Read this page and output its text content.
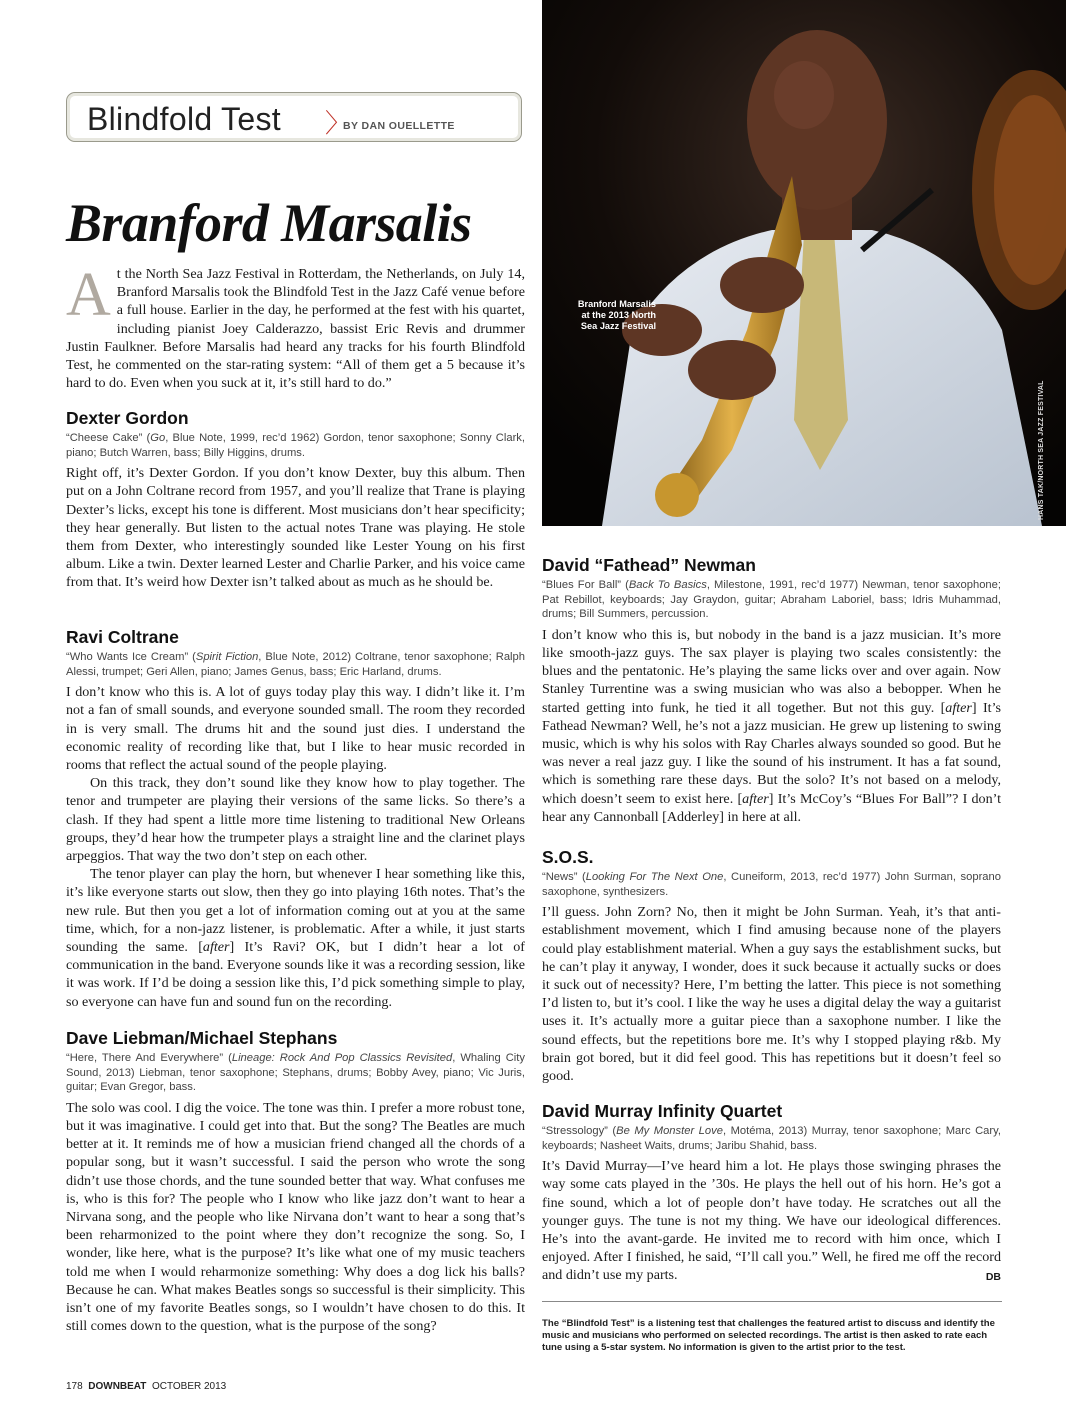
Blindfold Test 〉
BY DAN OUELLETTE
Branford Marsalis

At the North Sea Jazz Festival in Rotterdam, the Netherlands, on July 14, Branford Marsalis took the Blindfold Test in the Jazz Café venue before a full house. Earlier in the day, he performed at the fest with his quartet, including pianist Joey Calderazzo, bassist Eric Revis and drummer Justin Faulkner. Before Marsalis had heard any tracks for his fourth Blindfold Test, he commented on the star-rating system: “All of them get a 5 because it’s hard to do. Even when you suck at it, it’s still hard to do.”

Dexter Gordon

“Cheese Cake” (Go, Blue Note, 1999, rec’d 1962) Gordon, tenor saxophone; Sonny Clark, piano; Butch Warren, bass; Billy Higgins, drums.

Right off, it’s Dexter Gordon. If you don’t know Dexter, buy this album. Then put on a John Coltrane record from 1957, and you’ll realize that Trane is playing Dexter’s licks, except his tone is different. Most musicians don’t hear specificity; they hear generally. But listen to the actual notes Trane was playing. He stole them from Dexter, who interestingly sounded like Lester Young on his first album. Like a twin. Dexter learned Lester and Charlie Parker, and his voice came from that. It’s weird how Dexter isn’t talked about as much as he should be.

Ravi Coltrane

“Who Wants Ice Cream” (Spirit Fiction, Blue Note, 2012) Coltrane, tenor saxophone; Ralph Alessi, trumpet; Geri Allen, piano; James Genus, bass; Eric Harland, drums.

I don’t know who this is. A lot of guys today play this way. I didn’t like it. I’m not a fan of small sounds, and everyone sounded small. The room they recorded in is very small. The drums hit and the sound just dies. I understand the economic reality of recording like that, but I like to hear music recorded in rooms that reflect the actual sound of the people playing.

On this track, they don’t sound like they know how to play together. The tenor and trumpeter are playing their versions of the same licks. So there’s a clash. If they had spent a little more time listening to traditional New Orleans groups, they’d hear how the trumpeter plays a straight line and the clarinet plays arpeggios. That way the two don’t step on each other.

The tenor player can play the horn, but whenever I hear something like this, it’s like everyone starts out slow, then they go into playing 16th notes. That’s the new rule. But then you get a lot of information coming out at you at the same time, which, for a non-jazz listener, is problematic. After a while, it just starts sounding the same. [after] It’s Ravi? OK, but I didn’t hear a lot of communication in the band. Everyone sounds like it was a recording session, like it was work. If I’d be doing a session like this, I’d pick something simple to play, so everyone can have fun and sound fun on the recording.

Dave Liebman/Michael Stephans

“Here, There And Everywhere” (Lineage: Rock And Pop Classics Revisited, Whaling City Sound, 2013) Liebman, tenor saxophone; Stephans, drums; Bobby Avey, piano; Vic Juris, guitar; Evan Gregor, bass.

The solo was cool. I dig the voice. The tone was thin. I prefer a more robust tone, but it was imaginative. I could get into that. But the song? The Beatles are much better at it. It reminds me of how a musician friend changed all the chords of a popular song, but it wasn’t successful. I said the person who wrote the song didn’t use those chords, and the tune sounded better that way. What confuses me is, who is this for? The people who I know who like jazz don’t want to hear a Nirvana song, and the people who like Nirvana don’t want to hear a song that’s been reharmonized to the point where they don’t recognize the song. So, I wonder, like here, what is the purpose? It’s like what one of my music teachers told me when I would reharmonize something: Why does a dog lick his balls? Because he can. What makes Beatles songs so successful is their simplicity. This isn’t one of my favorite Beatles songs, so I wouldn’t have chosen to do this. It still comes down to the question, what is the purpose of the song?

Branford Marsalis
at the 2013 North
Sea Jazz Festival
HANS TAK/NORTH SEA JAZZ FESTIVAL
David “Fathead” Newman

“Blues For Ball” (Back To Basics, Milestone, 1991, rec’d 1977) Newman, tenor saxophone; Pat Rebillot, keyboards; Jay Graydon, guitar; Abraham Laboriel, bass; Idris Muhammad, drums; Bill Summers, percussion.

I don’t know who this is, but nobody in the band is a jazz musician. It’s more like smooth-jazz guys. The sax player is playing two scales consistently: the blues and the pentatonic. He’s playing the same licks over and over again. Now Stanley Turrentine was a swing musician who was also a bebopper. When he started getting into funk, he tied it all together. But not this guy. [after] It’s Fathead Newman? Well, he’s not a jazz musician. He grew up listening to swing music, which is why his solos with Ray Charles always sounded so good. But he was never a real jazz guy. I like the sound of his instrument. It has a fat sound, which is something rare these days. But the solo? It’s not based on a melody, which doesn’t seem to exist here. [after] It’s McCoy’s “Blues For Ball”? I don’t hear any Cannonball [Adderley] in here at all.

S.O.S.

“News” (Looking For The Next One, Cuneiform, 2013, rec’d 1977) John Surman, soprano saxophone, synthesizers.

I’ll guess. John Zorn? No, then it might be John Surman. Yeah, it’s that anti-establishment movement, which I find amusing because none of the players could play establishment material. When a guy says the establishment sucks, but he can’t play it anyway, I wonder, does it suck because it actually sucks or does it suck out of necessity? Here, I’m betting the latter. This piece is not something I’d listen to, but it’s cool. I like the way he uses a digital delay the way a guitarist uses it. It’s actually more a guitar piece than a saxophone number. I like the sound effects, but the repetitions bore me. It’s why I stopped playing r&b. My brain got bored, but it did feel good. This has repetitions but it doesn’t feel so good.

David Murray Infinity Quartet

“Stressology” (Be My Monster Love, Motéma, 2013) Murray, tenor saxophone; Marc Cary, keyboards; Nasheet Waits, drums; Jaribu Shahid, bass.

It’s David Murray—I’ve heard him a lot. He plays those swinging phrases the way some cats played in the ’30s. He plays the hell out of his horn. He’s got a fine sound, which a lot of people don’t have today. He scratches out all the younger guys. The tune is not my thing. We have our ideological differences. He’s into the avant-garde. He invited me to record with him once, which I enjoyed. After I finished, he said, “I’ll call you.” Well, he fired me off the record and didn’t use my parts.	DB

The “Blindfold Test” is a listening test that challenges the featured artist to discuss and identify the music and musicians who performed on selected recordings. The artist is then asked to rate each tune using a 5-star system. No information is given to the artist prior to the test.

178 DOWNBEAT OCTOBER 2013
